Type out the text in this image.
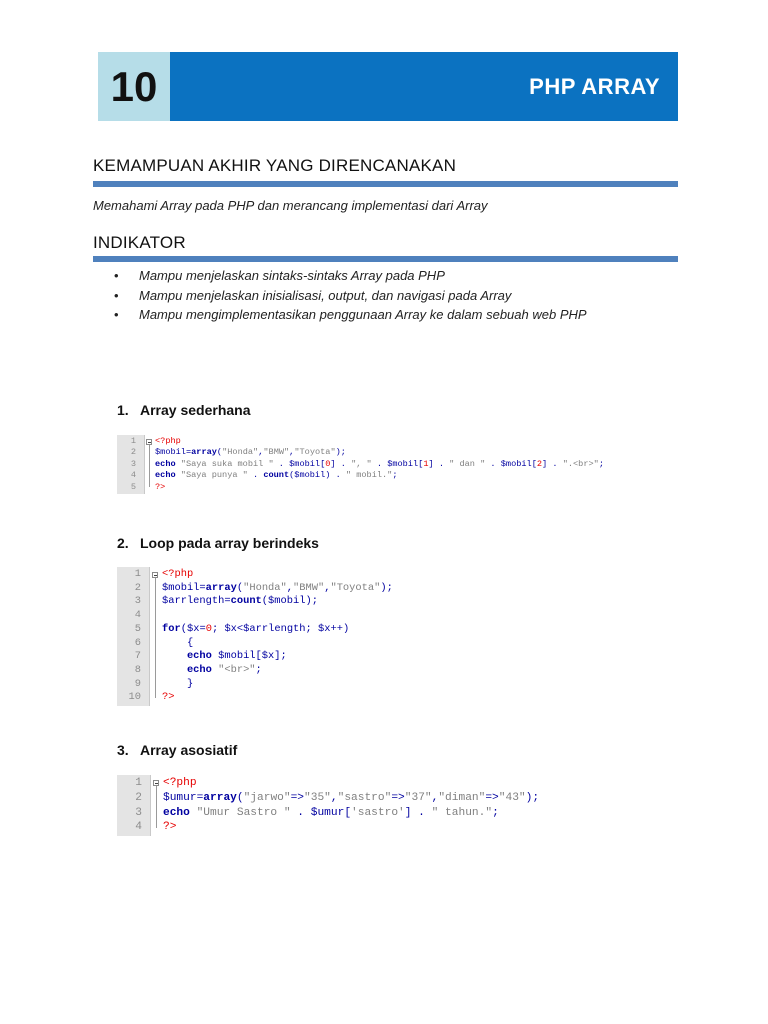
10	PHP ARRAY
KEMAMPUAN AKHIR YANG DIRENCANAKAN
Memahami Array pada PHP dan merancang implementasi dari Array
INDIKATOR
• Mampu menjelaskan sintaks-sintaks Array pada PHP
• Mampu menjelaskan inisialisasi, output, dan navigasi pada Array
• Mampu mengimplementasikan penggunaan Array ke dalam sebuah web PHP
1. Array sederhana
2. Loop pada array berindeks
3. Array asosiatif
1 <?php
2 $mobil=array("Honda","BMW","Toyota");
3 echo "Saya suka mobil " . $mobil[0] . ", " . $mobil[1] . " dan " . $mobil[2] . ".<br>";
4 echo "Saya punya " . count($mobil) . " mobil.";
5 ?>
1 <?php
2 $mobil=array("Honda","BMW","Toyota");
3 $arrlength=count($mobil);
4
5 for($x=0; $x<$arrlength; $x++)
6 {
7 echo $mobil[$x];
8 echo "<br>";
9 }
10 ?>
1 <?php
2 $umur=array("jarwo"=>"35","sastro"=>"37","diman"=>"43");
3 echo "Umur Sastro " . $umur['sastro'] . " tahun.";
4 ?>
